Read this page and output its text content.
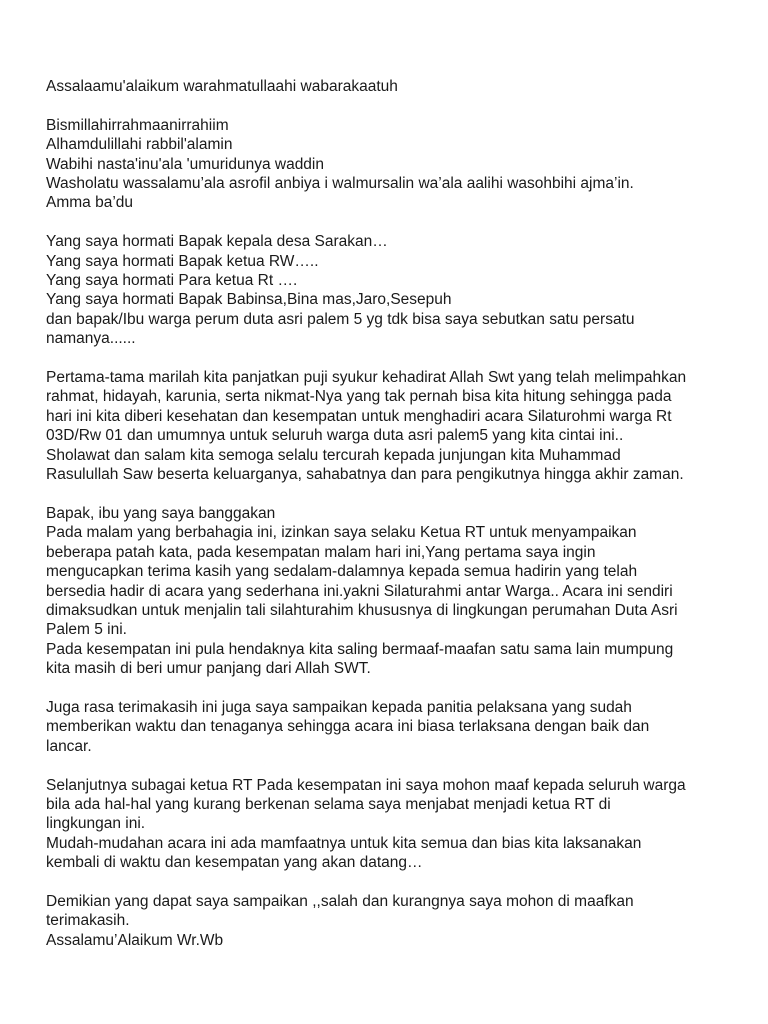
Assalaamu'alaikum warahmatullaahi wabarakaatuh
Bismillahirrahmaanirrahiim
Alhamdulillahi rabbil'alamin
Wabihi nasta'inu'ala 'umuridunya waddin
Washolatu wassalamu’ala asrofil anbiya i walmursalin wa’ala aalihi wasohbihi ajma’in.
Amma ba’du
Yang saya hormati Bapak kepala desa Sarakan…
Yang saya hormati Bapak ketua RW…..
Yang saya hormati Para ketua Rt ….
Yang saya hormati Bapak Babinsa,Bina mas,Jaro,Sesepuh
dan bapak/Ibu warga perum duta asri palem 5 yg tdk bisa saya sebutkan satu persatu
namanya......
Pertama-tama marilah kita panjatkan puji syukur kehadirat Allah Swt yang telah melimpahkan
rahmat, hidayah, karunia, serta nikmat-Nya yang tak pernah bisa kita hitung sehingga pada
hari ini kita diberi kesehatan dan kesempatan untuk menghadiri acara Silaturohmi warga Rt
03D/Rw 01 dan umumnya untuk seluruh warga duta asri palem5 yang kita cintai ini..
Sholawat dan salam kita semoga selalu tercurah kepada junjungan kita Muhammad
Rasulullah Saw beserta keluarganya, sahabatnya dan para pengikutnya hingga akhir zaman.
Bapak, ibu yang saya banggakan
Pada malam yang berbahagia ini, izinkan saya selaku Ketua RT untuk menyampaikan
beberapa patah kata, pada kesempatan malam hari ini,Yang pertama saya ingin
mengucapkan terima kasih yang sedalam-dalamnya kepada semua hadirin yang telah
bersedia hadir di acara yang sederhana ini.yakni Silaturahmi antar Warga.. Acara ini sendiri
dimaksudkan untuk menjalin tali silahturahim khususnya di lingkungan perumahan Duta Asri
Palem 5 ini.
Pada kesempatan ini pula hendaknya kita saling bermaaf-maafan satu sama lain mumpung
kita masih di beri umur panjang dari Allah SWT.
Juga rasa terimakasih ini juga saya sampaikan kepada panitia pelaksana yang sudah
memberikan waktu dan tenaganya sehingga acara ini biasa terlaksana dengan baik dan
lancar.
Selanjutnya subagai ketua RT Pada kesempatan ini saya mohon maaf kepada seluruh warga
bila ada hal-hal yang kurang berkenan selama saya menjabat menjadi ketua RT di
lingkungan ini.
Mudah-mudahan acara ini ada mamfaatnya untuk kita semua dan bias kita laksanakan
kembali di waktu dan kesempatan yang akan datang…
Demikian yang dapat saya sampaikan ,,salah dan kurangnya saya mohon di maafkan
terimakasih.
Assalamu’Alaikum Wr.Wb
